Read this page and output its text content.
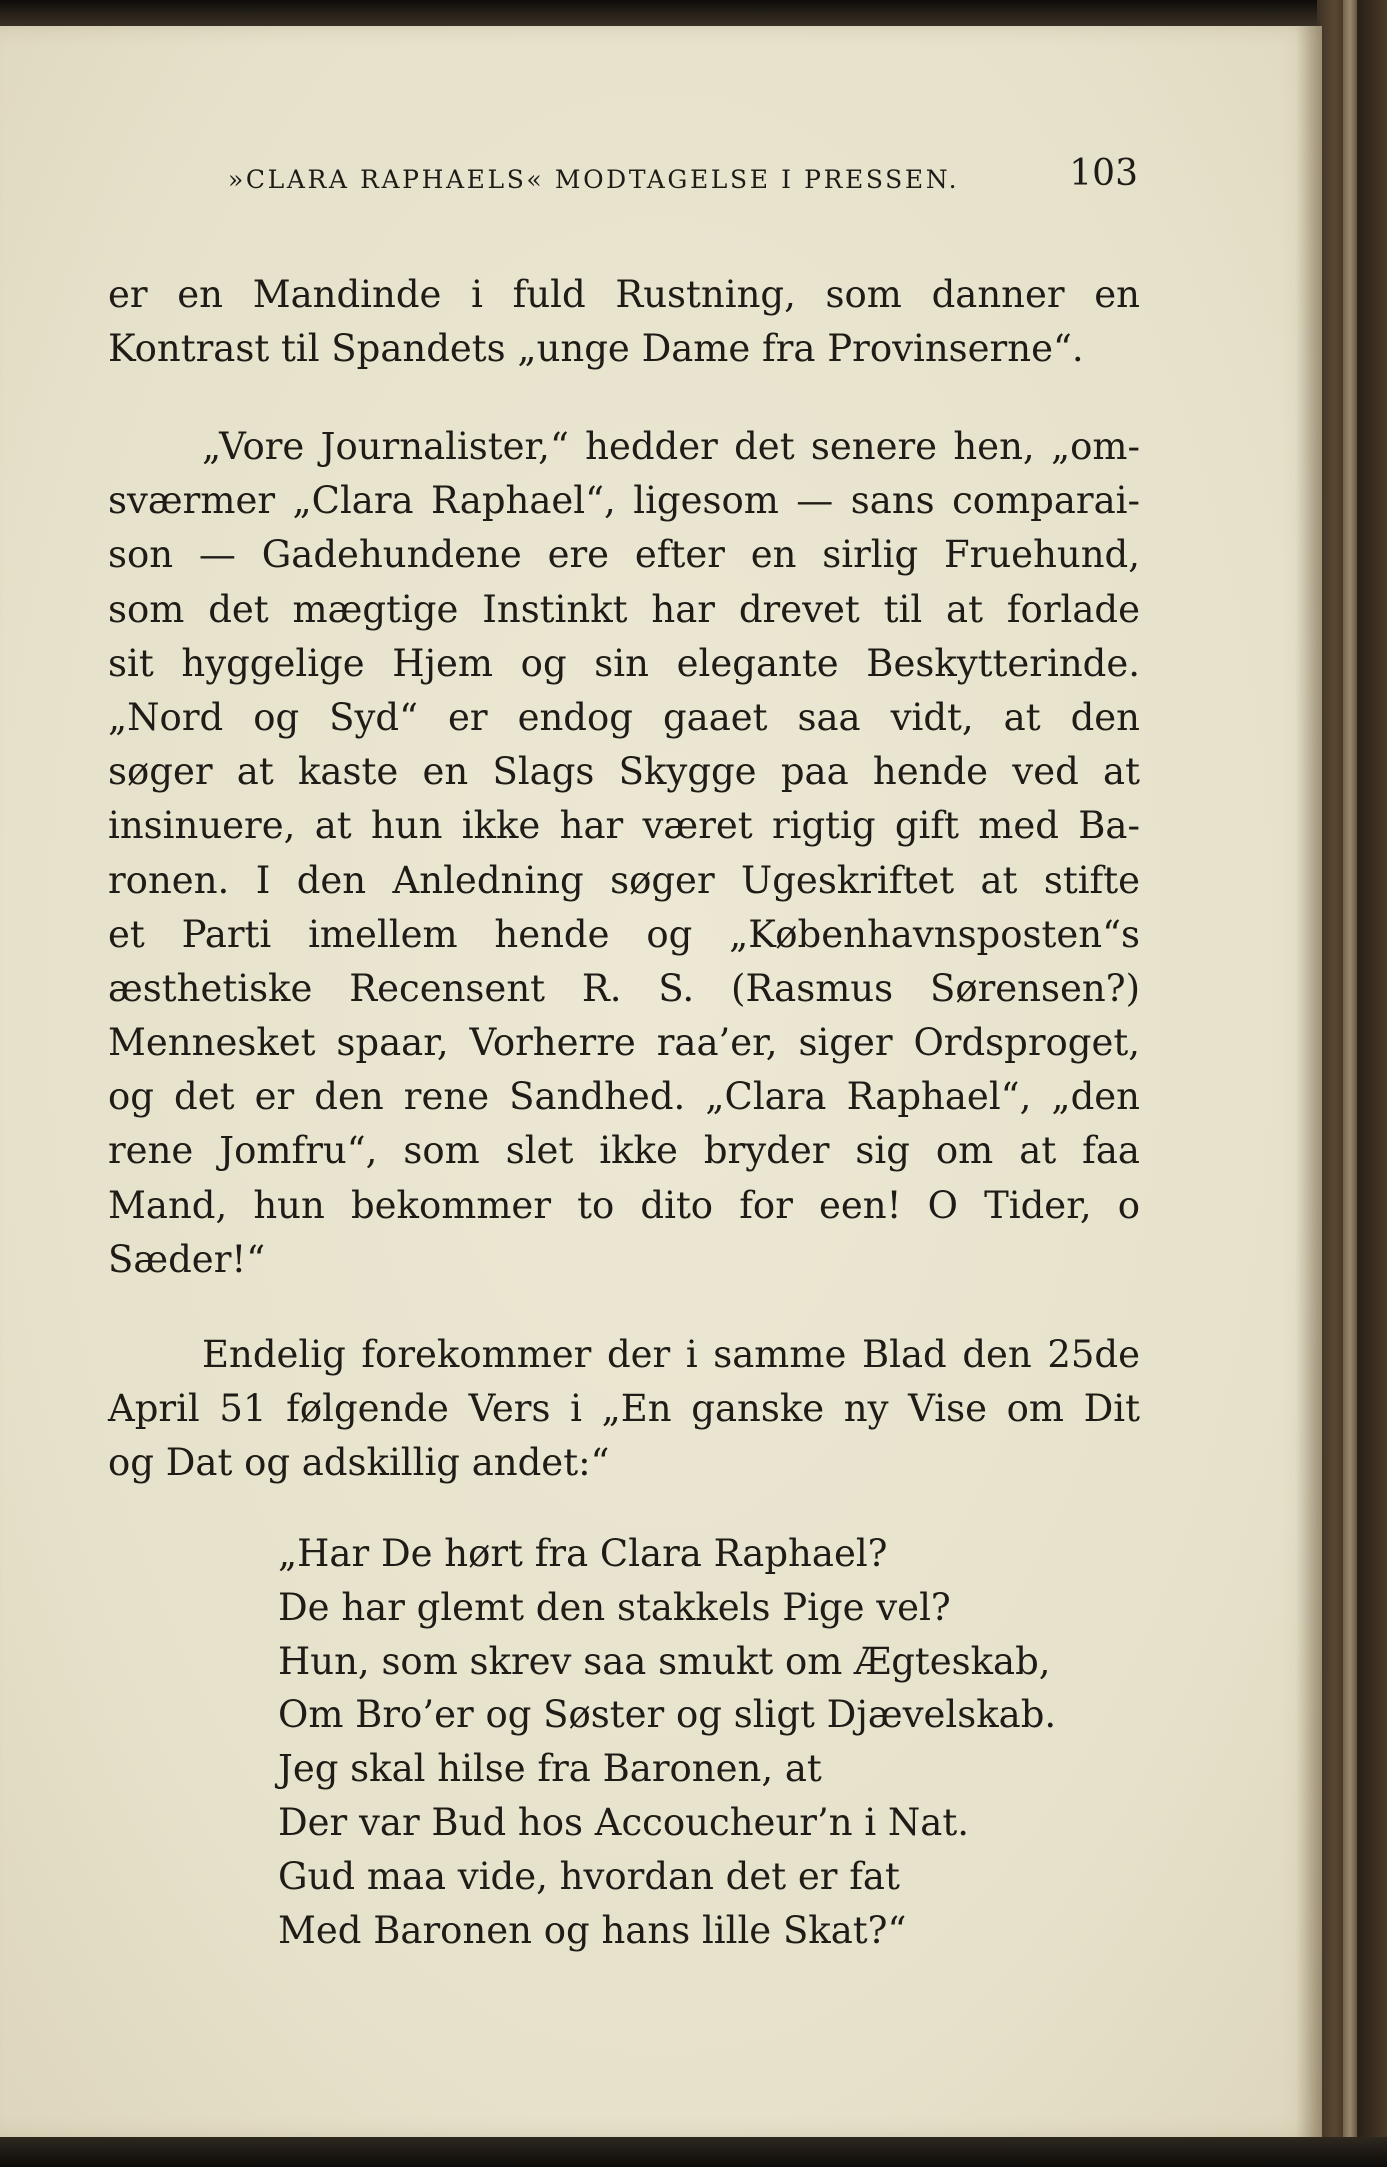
»CLARA RAPHAELS« MODTAGELSE I PRESSEN.	103
er en Mandinde i fuld Rustning, som danner en
Kontrast til Spandets „unge Dame fra Provinserne“.
„Vore Journalister,“ hedder det senere hen, „om-
sværmer „Clara Raphael“, ligesom — sans comparai-
son — Gadehundene ere efter en sirlig Fruehund,
som det mægtige Instinkt har drevet til at forlade
sit hyggelige Hjem og sin elegante Beskytterinde.
„Nord og Syd“ er endog gaaet saa vidt, at den
søger at kaste en Slags Skygge paa hende ved at
insinuere, at hun ikke har været rigtig gift med Ba-
ronen. I den Anledning søger Ugeskriftet at stifte
et Parti imellem hende og „Københavnsposten“s
æsthetiske Recensent R. S. (Rasmus Sørensen?)
Mennesket spaar, Vorherre raa’er, siger Ordsproget,
og det er den rene Sandhed. „Clara Raphael“, „den
rene Jomfru“, som slet ikke bryder sig om at faa
Mand, hun bekommer to dito for een! O Tider, o
Sæder!“
Endelig forekommer der i samme Blad den 25de
April 51 følgende Vers i „En ganske ny Vise om Dit
og Dat og adskillig andet:“
„Har De hørt fra Clara Raphael?
De har glemt den stakkels Pige vel?
Hun, som skrev saa smukt om Ægteskab,
Om Bro’er og Søster og sligt Djævelskab.
Jeg skal hilse fra Baronen, at
Der var Bud hos Accoucheur’n i Nat.
Gud maa vide, hvordan det er fat
Med Baronen og hans lille Skat?“
